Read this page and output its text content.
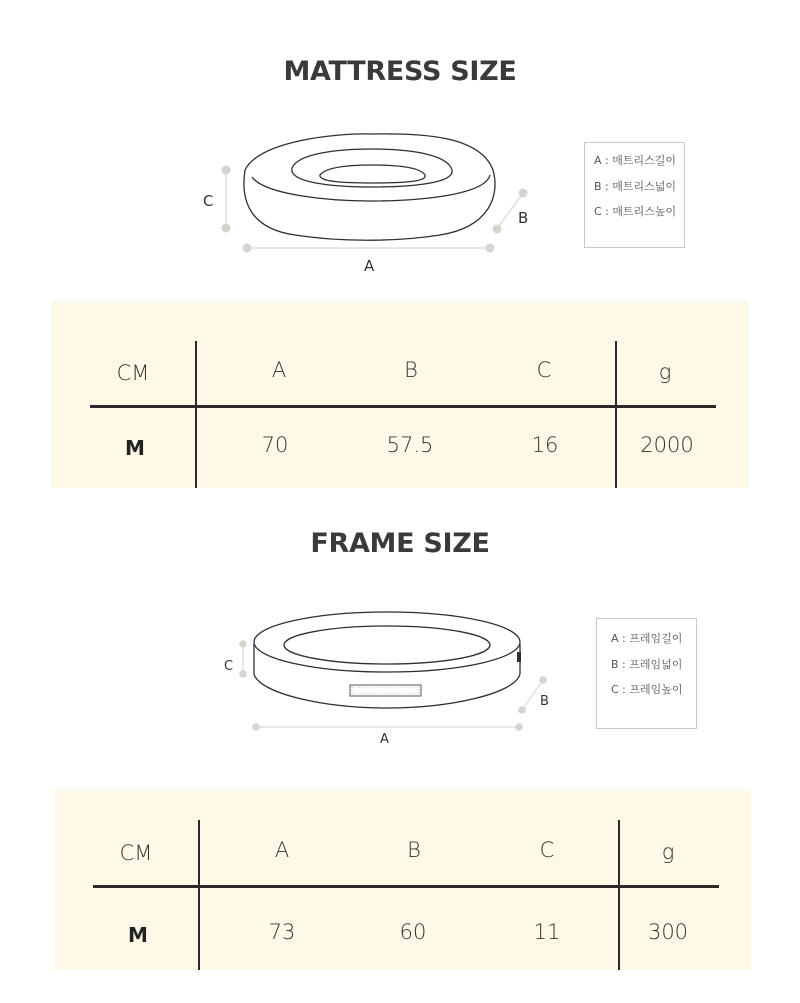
MATTRESS SIZE
C
A
B
A : 매트리스길이
B : 매트리스넓이
C : 매트리스높이
CM	A	B	C	g
M	70	57.5	16	2000
FRAME SIZE
C
A
B
A : 프레임길이
B : 프레임넓이
C : 프레임높이
CM	A	B	C	g
M	73	60	11	300
